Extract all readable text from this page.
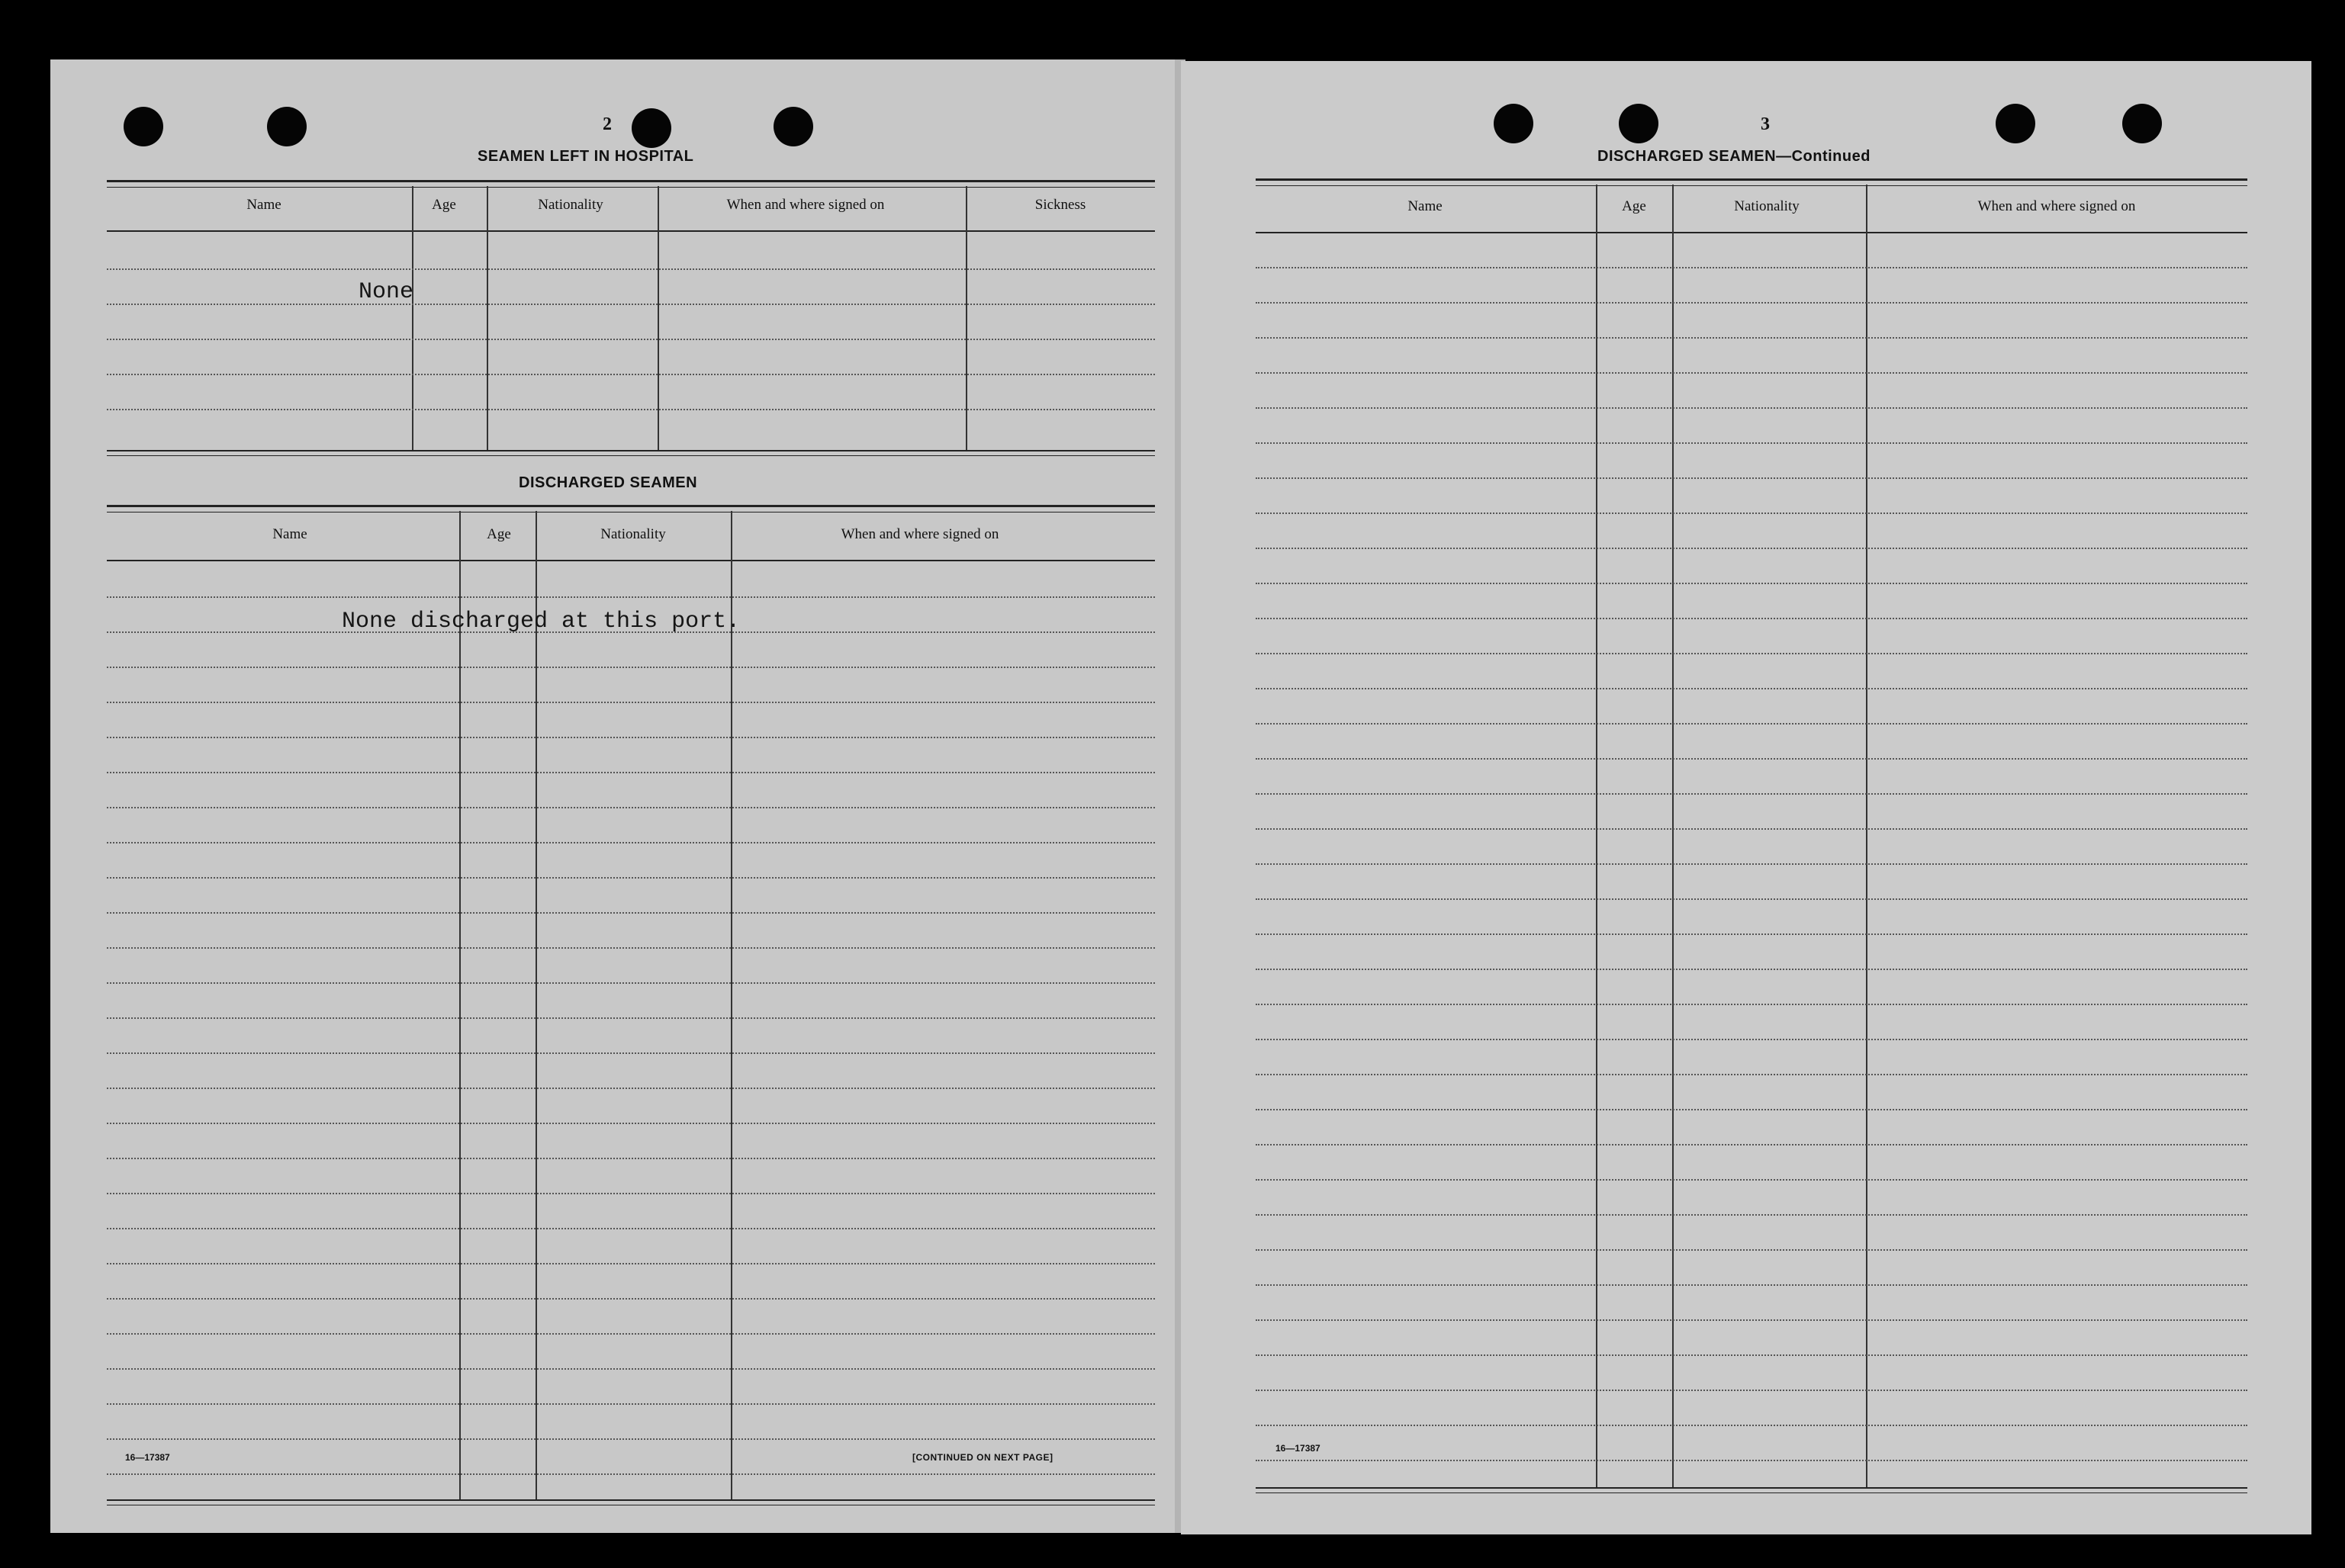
2
SEAMEN LEFT IN HOSPITAL
Name	Age	Nationality	When and where signed on	Sickness
None
DISCHARGED SEAMEN
Name	Age	Nationality	When and where signed on
None discharged at this port.
16—17387	[CONTINUED ON NEXT PAGE]
3
DISCHARGED SEAMEN—Continued
Name	Age	Nationality	When and where signed on
16—17387
